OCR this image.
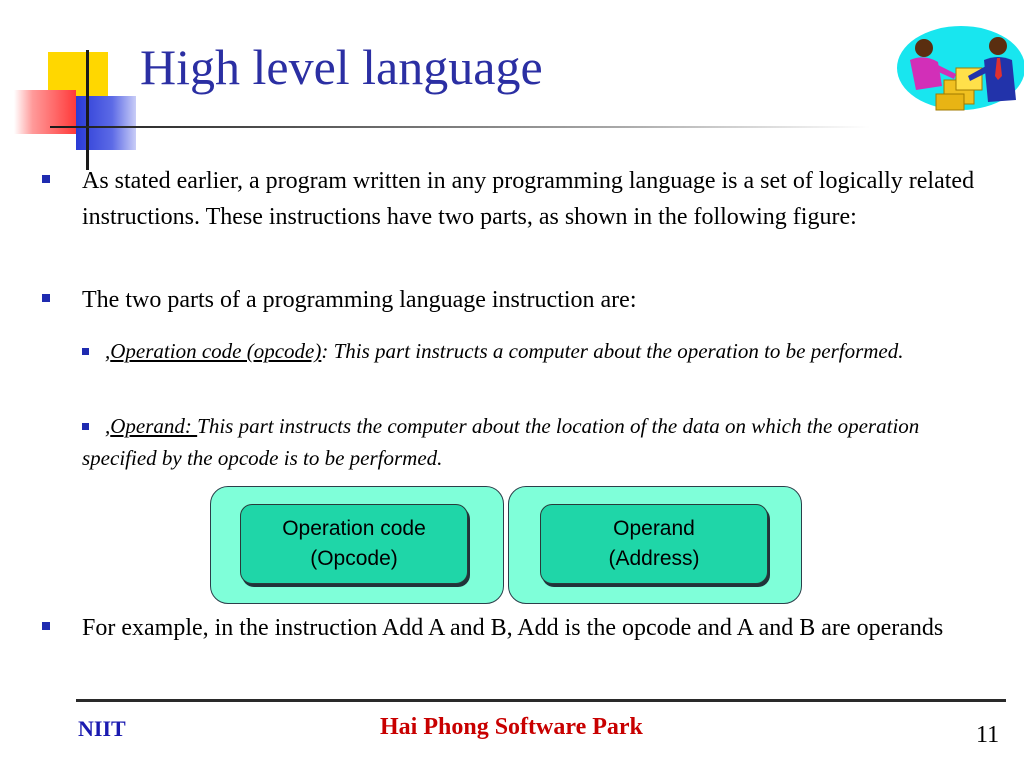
High level language
As stated earlier, a program written in any programming language is a set of logically related instructions. These instructions have two parts, as shown in the following figure:
The two parts of a programming language instruction are:
,Operation code (opcode): This part instructs a computer about the operation to be performed.
,Operand: This part instructs the computer about the location of the data on which the operation specified by the opcode is to be performed.
Operation code
(Opcode)
Operand
(Address)
For example, in the instruction Add A and B, Add is the opcode and A and B are operands
NIIT	Hai Phong Software Park	11
